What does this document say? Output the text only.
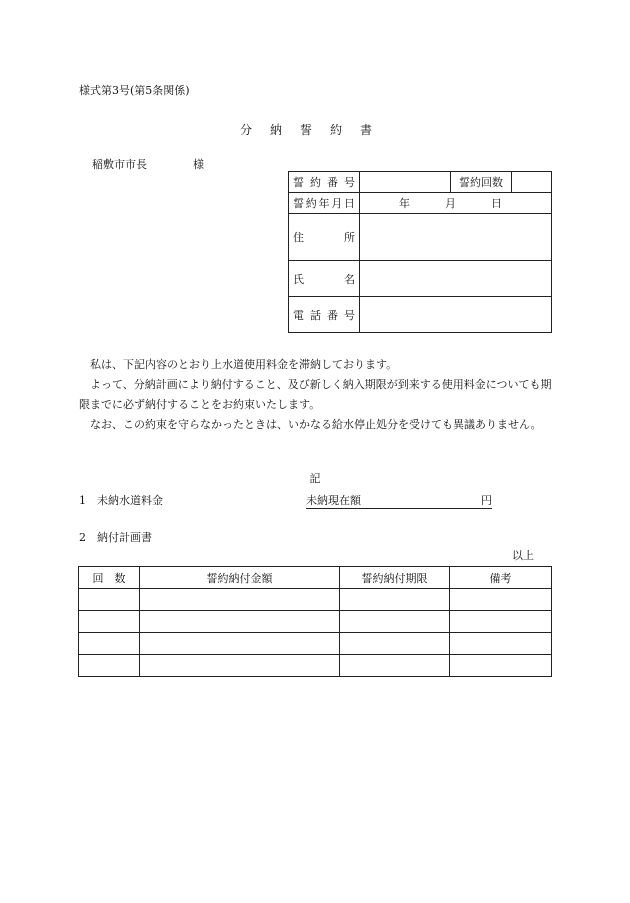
様式第3号(第5条関係)
分納誓約書
稲敷市市長	様
誓約番号		誓約回数	
誓約年月日	年 月 日		
住所			
氏名			
電話番号			

私は、下記内容のとおり上水道使用料金を滞納しております。

よって、分納計画により納付すること、及び新しく納入期限が到来する使用料金についても期限までに必ず納付することをお約束いたします。

なお、この約束を守らなかったときは、いかなる給水停止処分を受けても異議ありません。

記
1　未納水道料金	未納現在額	円
2　納付計画書
以上
回　数	誓約納付金額	誓約納付期限	備考
